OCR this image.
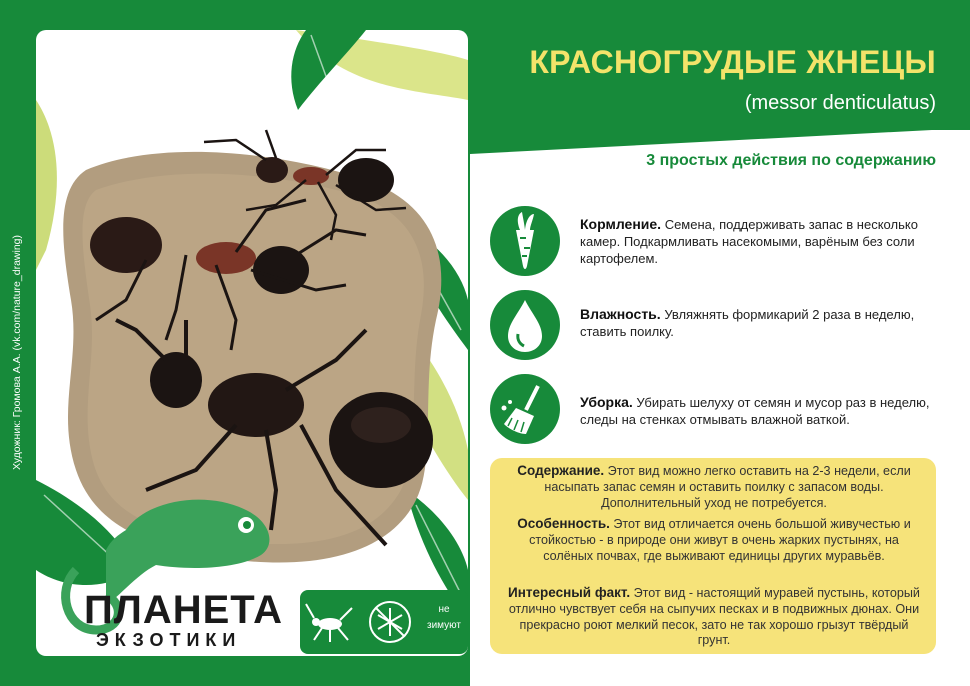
Художник: Громова А.А. (vk.com/nature_drawing)
ПЛАНЕТА
ЭКЗОТИКИ
не зимуют
КРАСНОГРУДЫЕ ЖНЕЦЫ
(messor denticulatus)
3 простых действия по содержанию
Кормление. Семена, поддерживать запас в несколько камер. Подкармливать насекомыми, варёным без соли картофелем.
Влажность. Увляжнять формикарий 2 раза в неделю, ставить поилку.
Уборка. Убирать шелуху от семян и мусор раз в неделю, следы на стенках отмывать влажной ваткой.
Содержание. Этот вид можно легко оставить на 2-3 недели, если насыпать запас семян и оставить поилку с запасом воды. Дополнительный уход не потребуется.
Особенность. Этот вид отличается очень большой живучестью и стойкостью - в природе они живут в очень жарких пустынях, на солёных почвах, где выживают единицы других муравьёв.
Интересный факт. Этот вид - настоящий муравей пустынь, который отлично чувствует себя на сыпучих песках и в подвижных дюнах. Они прекрасно роют мелкий песок, зато не так хорошо грызут твёрдый грунт.
